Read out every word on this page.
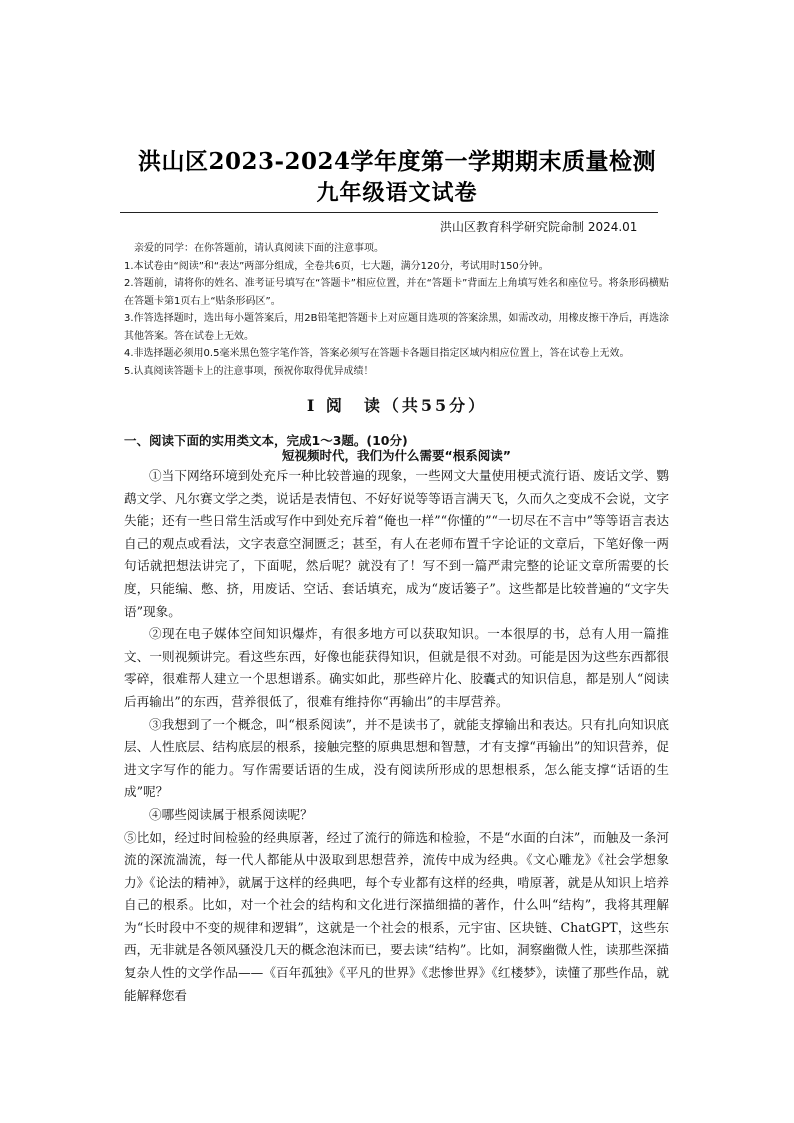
洪山区2023-2024学年度第一学期期末质量检测
九年级语文试卷
洪山区教育科学研究院命制 2024.01

亲爱的同学：在你答题前，请认真阅读下面的注意事项。

1.本试卷由“阅读”和“表达”两部分组成，全卷共6页，七大题，满分120分，考试用时150分钟。

2.答题前，请将你的姓名、准考证号填写在“答题卡”相应位置，并在“答题卡”背面左上角填写姓名和座位号。将条形码横贴在答题卡第1页右上“贴条形码区”。

3.作答选择题时，选出每小题答案后，用2B铅笔把答题卡上对应题目选项的答案涂黑，如需改动，用橡皮擦干净后，再选涂其他答案。答在试卷上无效。

4.非选择题必须用0.5毫米黑色签字笔作答，答案必须写在答题卡各题目指定区域内相应位置上，答在试卷上无效。

5.认真阅读答题卡上的注意事项，预祝你取得优异成绩！

Ⅰ 阅　读（共55分）
一、阅读下面的实用类文本，完成1～3题。(10分)
短视频时代，我们为什么需要“根系阅读”

①当下网络环境到处充斥一种比较普遍的现象，一些网文大量使用梗式流行语、废话文学、鹦鹉文学、凡尔赛文学之类，说话是表情包、不好好说等等语言满天飞，久而久之变成不会说，文字失能；还有一些日常生活或写作中到处充斥着“俺也一样”“你懂的”“一切尽在不言中”等等语言表达自己的观点或看法，文字表意空洞匮乏；甚至，有人在老师布置千字论证的文章后，下笔好像一两句话就把想法讲完了，下面呢，然后呢？就没有了！写不到一篇严肃完整的论证文章所需要的长度，只能编、憋、挤，用废话、空话、套话填充，成为“废话篓子”。这些都是比较普遍的“文字失语”现象。

②现在电子媒体空间知识爆炸，有很多地方可以获取知识。一本很厚的书，总有人用一篇推文、一则视频讲完。看这些东西，好像也能获得知识，但就是很不对劲。可能是因为这些东西都很零碎，很难帮人建立一个思想谱系。确实如此，那些碎片化、胶囊式的知识信息，都是别人“阅读后再输出”的东西，营养很低了，很难有维持你“再输出”的丰厚营养。

③我想到了一个概念，叫“根系阅读”，并不是读书了，就能支撑输出和表达。只有扎向知识底层、人性底层、结构底层的根系，接触完整的原典思想和智慧，才有支撑“再输出”的知识营养，促进文字写作的能力。写作需要话语的生成，没有阅读所形成的思想根系，怎么能支撑“话语的生成”呢？

④哪些阅读属于根系阅读呢？

⑤比如，经过时间检验的经典原著，经过了流行的筛选和检验，不是“水面的白沫”，而触及一条河流的深流湍流，每一代人都能从中汲取到思想营养，流传中成为经典。《文心雕龙》《社会学想象力》《论法的精神》，就属于这样的经典吧，每个专业都有这样的经典，啃原著，就是从知识上培养自己的根系。比如，对一个社会的结构和文化进行深描细描的著作，什么叫“结构”，我将其理解为“长时段中不变的规律和逻辑”，这就是一个社会的根系，元宇宙、区块链、ChatGPT，这些东西，无非就是各领风骚没几天的概念泡沫而已，要去读“结构”。比如，洞察幽微人性，读那些深描复杂人性的文学作品——《百年孤独》《平凡的世界》《悲惨世界》《红楼梦》，读懂了那些作品，就能解释您看
